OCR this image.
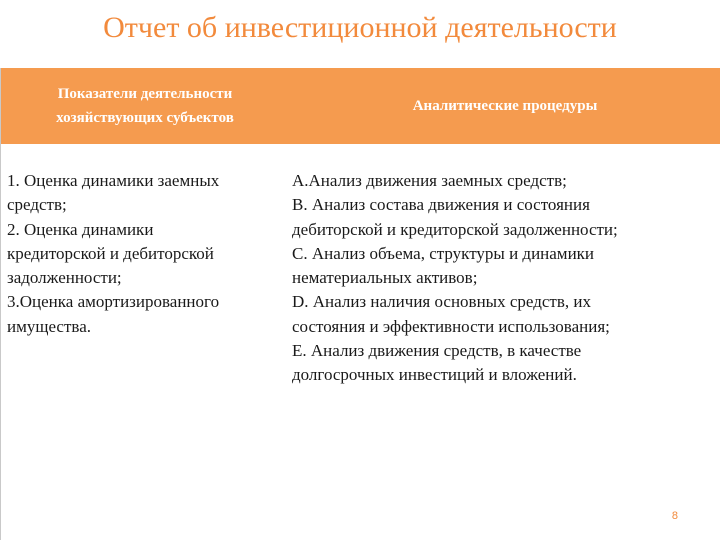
Отчет об инвестиционной деятельности
Показатели деятельности
хозяйствующих субъектов
Аналитические процедуры
1. Оценка динамики заемных
средств;
2. Оценка динамики
кредиторской и дебиторской
задолженности;
3.Оценка амортизированного
имущества.
А.Анализ движения заемных средств;
В. Анализ состава движения и состояния
дебиторской и кредиторской задолженности;
С. Анализ объема, структуры и динамики
нематериальных активов;
D. Анализ наличия основных средств, их
состояния и эффективности использования;
Е. Анализ движения средств, в качестве
долгосрочных инвестиций и вложений.
8
